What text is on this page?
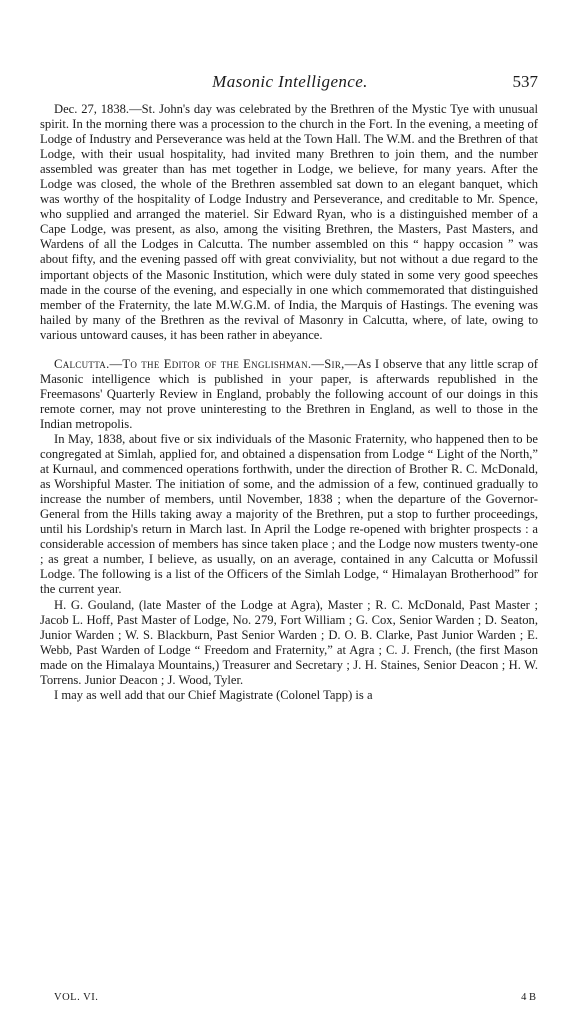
Masonic Intelligence.	537

Dec. 27, 1838.—St. John's day was celebrated by the Brethren of the Mystic Tye with unusual spirit. In the morning there was a procession to the church in the Fort. In the evening, a meeting of Lodge of Industry and Perseverance was held at the Town Hall. The W.M. and the Brethren of that Lodge, with their usual hospitality, had invited many Brethren to join them, and the number assembled was greater than has met together in Lodge, we believe, for many years. After the Lodge was closed, the whole of the Brethren assembled sat down to an elegant banquet, which was worthy of the hospitality of Lodge Industry and Perseverance, and creditable to Mr. Spence, who supplied and arranged the materiel. Sir Edward Ryan, who is a distinguished member of a Cape Lodge, was present, as also, among the visiting Brethren, the Masters, Past Masters, and Wardens of all the Lodges in Calcutta. The number assembled on this “ happy occasion ” was about fifty, and the evening passed off with great conviviality, but not without a due regard to the important objects of the Masonic Institution, which were duly stated in some very good speeches made in the course of the evening, and especially in one which commemorated that distinguished member of the Fraternity, the late M.W.G.M. of India, the Marquis of Hastings. The evening was hailed by many of the Brethren as the revival of Masonry in Calcutta, where, of late, owing to various untoward causes, it has been rather in abeyance.

Calcutta.—To the Editor of the Englishman.—Sir,—As I observe that any little scrap of Masonic intelligence which is published in your paper, is afterwards republished in the Freemasons' Quarterly Review in England, probably the following account of our doings in this remote corner, may not prove uninteresting to the Brethren in England, as well to those in the Indian metropolis.

In May, 1838, about five or six individuals of the Masonic Fraternity, who happened then to be congregated at Simlah, applied for, and obtained a dispensation from Lodge “ Light of the North,” at Kurnaul, and commenced operations forthwith, under the direction of Brother R. C. McDonald, as Worshipful Master. The initiation of some, and the admission of a few, continued gradually to increase the number of members, until November, 1838 ; when the departure of the Governor-General from the Hills taking away a majority of the Brethren, put a stop to further proceedings, until his Lordship's return in March last. In April the Lodge re-opened with brighter prospects : a considerable accession of members has since taken place ; and the Lodge now musters twenty-one ; as great a number, I believe, as usually, on an average, contained in any Calcutta or Mofussil Lodge. The following is a list of the Officers of the Simlah Lodge, “ Himalayan Brotherhood” for the current year.

H. G. Gouland, (late Master of the Lodge at Agra), Master ; R. C. McDonald, Past Master ; Jacob L. Hoff, Past Master of Lodge, No. 279, Fort William ; G. Cox, Senior Warden ; D. Seaton, Junior Warden ; W. S. Blackburn, Past Senior Warden ; D. O. B. Clarke, Past Junior Warden ; E. Webb, Past Warden of Lodge “ Freedom and Fraternity,” at Agra ; C. J. French, (the first Mason made on the Himalaya Mountains,) Treasurer and Secretary ; J. H. Staines, Senior Deacon ; H. W. Torrens. Junior Deacon ; J. Wood, Tyler.

I may as well add that our Chief Magistrate (Colonel Tapp) is a

VOL. VI.	4 B
